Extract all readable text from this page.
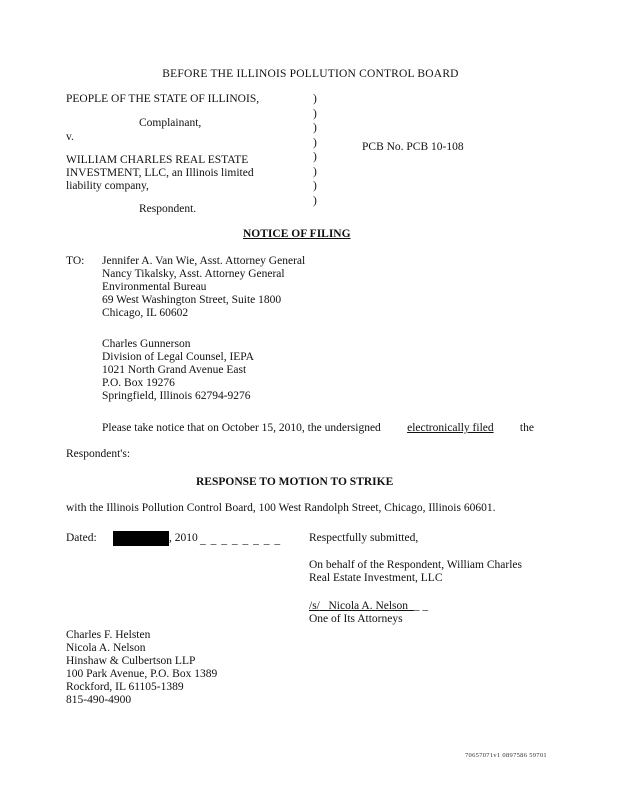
BEFORE THE ILLINOIS POLLUTION CONTROL BOARD
PEOPLE OF THE STATE OF ILLINOIS,
Complainant,
v.
WILLIAM CHARLES REAL ESTATE
INVESTMENT, LLC, an Illinois limited
liability company,
Respondent.
)
)
)
)
)
)
)
)
PCB No. PCB 10-108
NOTICE OF FILING
TO: Jennifer A. Van Wie, Asst. Attorney General
Nancy Tikalsky, Asst. Attorney General
Environmental Bureau
69 West Washington Street, Suite 1800
Chicago, IL 60602
Charles Gunnerson
Division of Legal Counsel, IEPA
1021 North Grand Avenue East
P.O. Box 19276
Springfield, Illinois 62794-9276
Please take notice that on October 15, 2010, the undersigned electronically filed the
Respondent's:
RESPONSE TO MOTION TO STRIKE
with the Illinois Pollution Control Board, 100 West Randolph Street, Chicago, Illinois 60601.
Dated:	, 2010 _ _ _ _ _ _ _ _ Respectfully submitted,
On behalf of the Respondent, William Charles
Real Estate Investment, LLC
/s/ Nicola A. Nelson _ _
One of Its Attorneys
Charles F. Helsten
Nicola A. Nelson
Hinshaw & Culbertson LLP
100 Park Avenue, P.O. Box 1389
Rockford, IL 61105-1389
815-490-4900
70657071v1 0897586 59701
